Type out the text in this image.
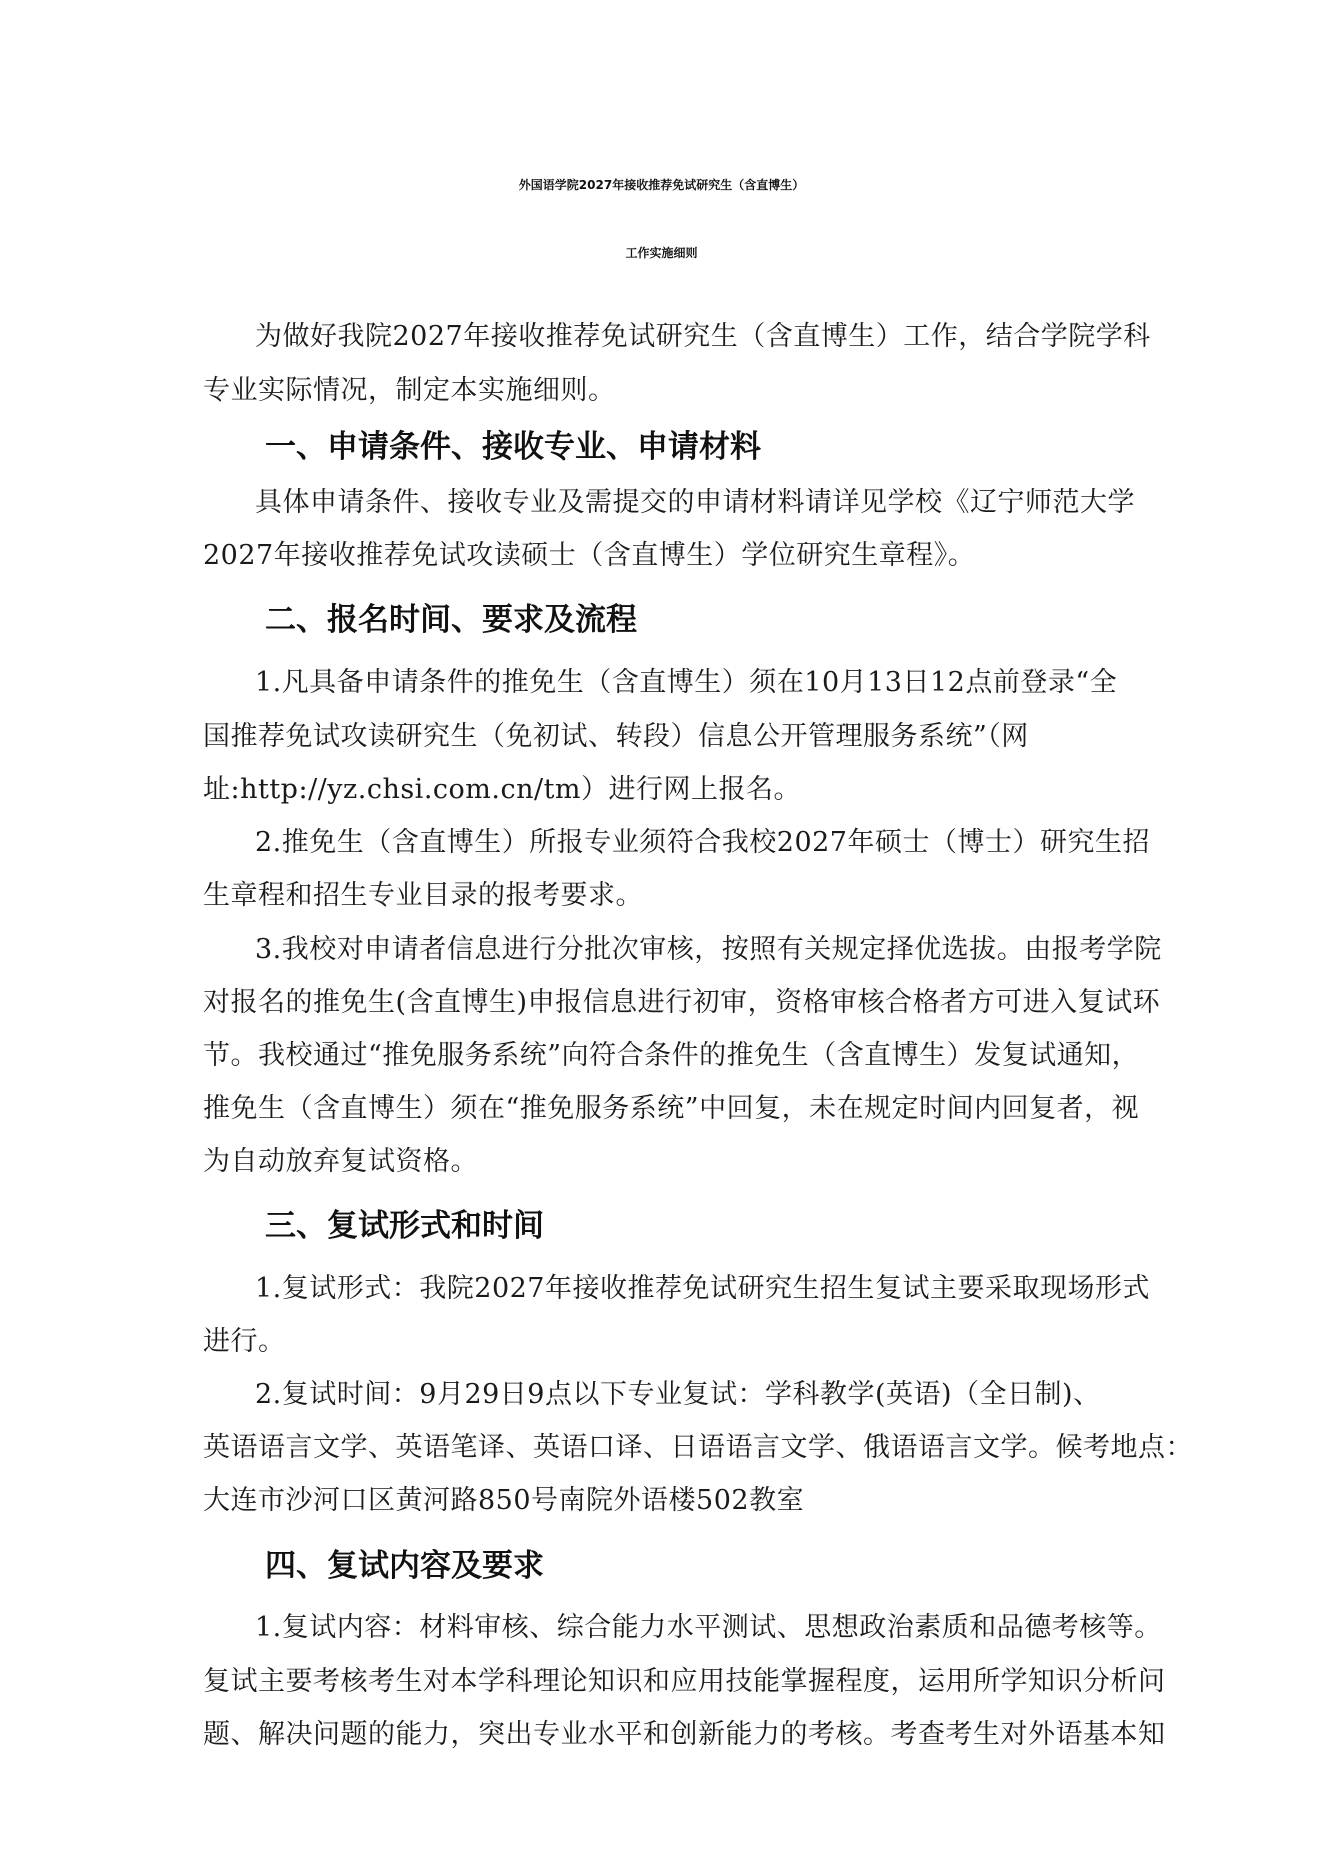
外国语学院2027年接收推荐免试研究生（含直博生）
工作实施细则
为做好我院2027年接收推荐免试研究生（含直博生）工作，结合学院学科
专业实际情况，制定本实施细则。
一、申请条件、接收专业、申请材料
具体申请条件、接收专业及需提交的申请材料请详见学校《辽宁师范大学
2027年接收推荐免试攻读硕士（含直博生）学位研究生章程》。
二、报名时间、要求及流程
1.凡具备申请条件的推免生（含直博生）须在10月13日12点前登录“全
国推荐免试攻读研究生（免初试、转段）信息公开管理服务系统”（网
址:http://yz.chsi.com.cn/tm）进行网上报名。
2.推免生（含直博生）所报专业须符合我校2027年硕士（博士）研究生招
生章程和招生专业目录的报考要求。
3.我校对申请者信息进行分批次审核，按照有关规定择优选拔。由报考学院
对报名的推免生(含直博生)申报信息进行初审，资格审核合格者方可进入复试环
节。我校通过“推免服务系统”向符合条件的推免生（含直博生）发复试通知，
推免生（含直博生）须在“推免服务系统”中回复，未在规定时间内回复者，视
为自动放弃复试资格。
三、复试形式和时间
1.复试形式：我院2027年接收推荐免试研究生招生复试主要采取现场形式
进行。
2.复试时间：9月29日9点以下专业复试：学科教学(英语)（全日制)、
英语语言文学、英语笔译、英语口译、日语语言文学、俄语语言文学。候考地点：
大连市沙河口区黄河路850号南院外语楼502教室
四、复试内容及要求
1.复试内容：材料审核、综合能力水平测试、思想政治素质和品德考核等。
复试主要考核考生对本学科理论知识和应用技能掌握程度，运用所学知识分析问
题、解决问题的能力，突出专业水平和创新能力的考核。考查考生对外语基本知
